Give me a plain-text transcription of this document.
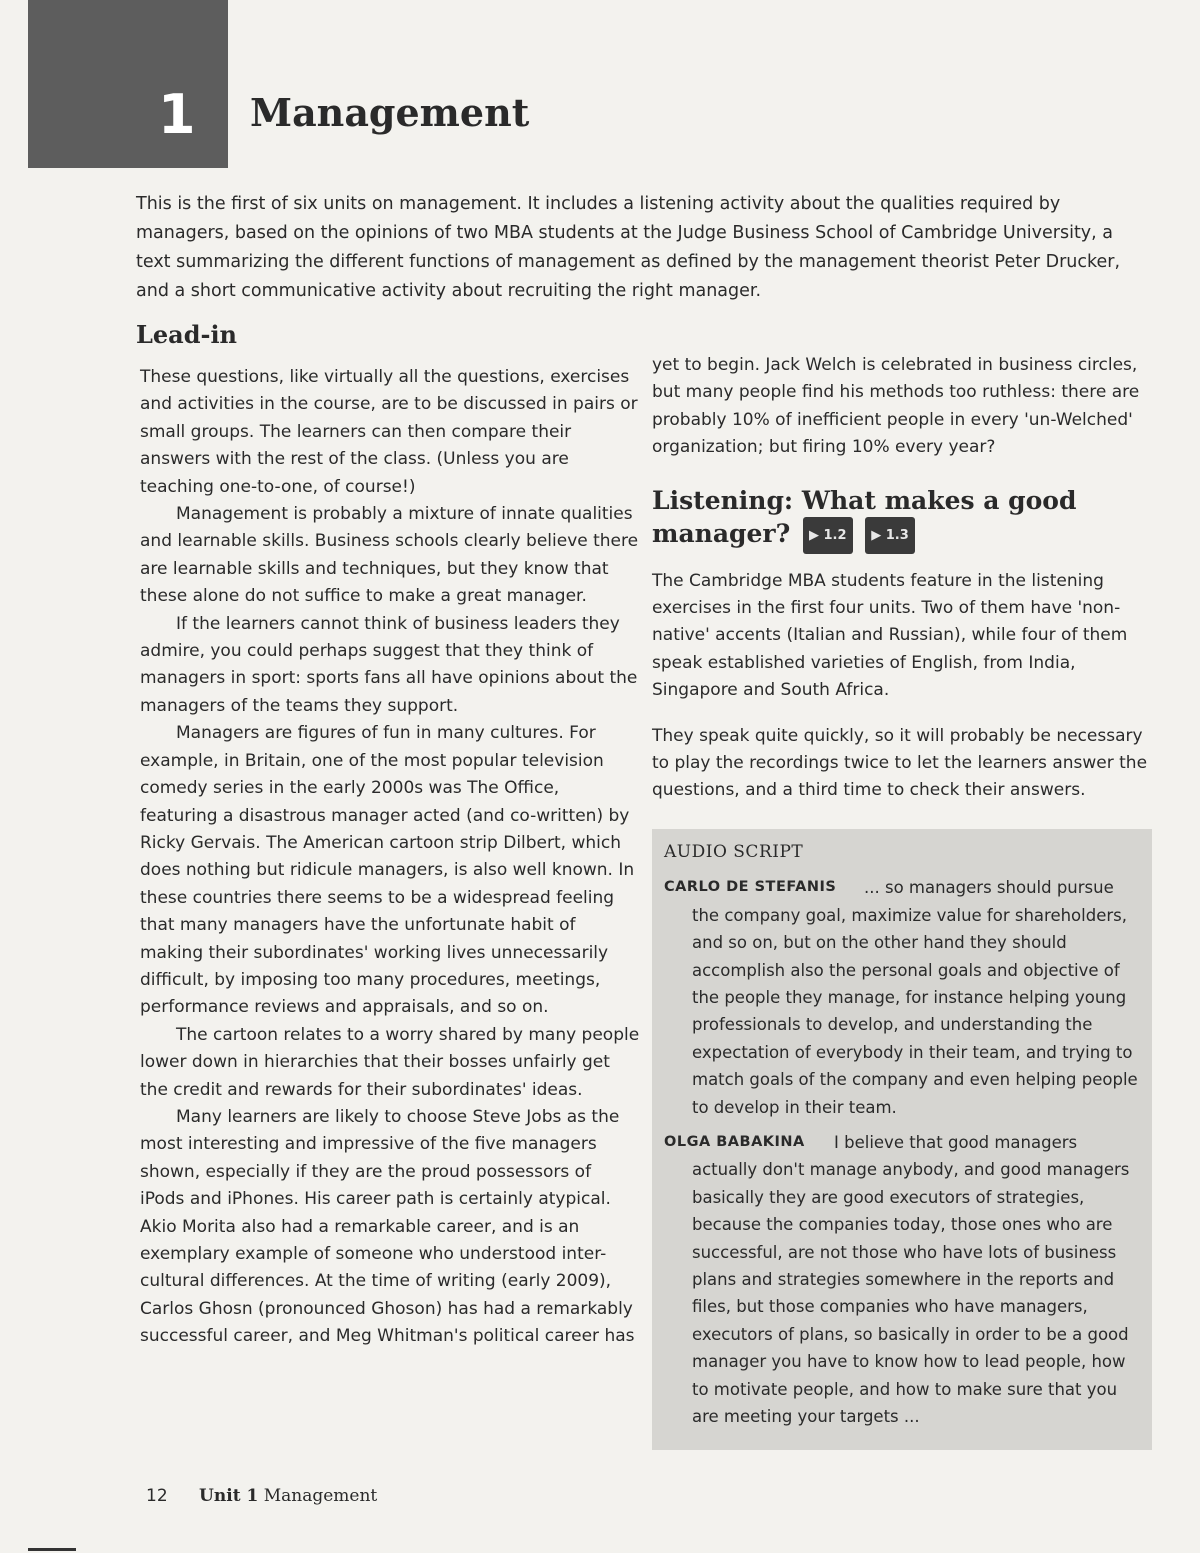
1 Management

This is the first of six units on management. It includes a listening activity about the qualities required by managers, based on the opinions of two MBA students at the Judge Business School of Cambridge University, a text summarizing the different functions of management as defined by the management theorist Peter Drucker, and a short communicative activity about recruiting the right manager.

Lead-in

These questions, like virtually all the questions, exercises and activities in the course, are to be discussed in pairs or small groups. The learners can then compare their answers with the rest of the class. (Unless you are teaching one-to-one, of course!)

Management is probably a mixture of innate qualities and learnable skills. Business schools clearly believe there are learnable skills and techniques, but they know that these alone do not suffice to make a great manager.

If the learners cannot think of business leaders they admire, you could perhaps suggest that they think of managers in sport: sports fans all have opinions about the managers of the teams they support.

Managers are figures of fun in many cultures. For example, in Britain, one of the most popular television comedy series in the early 2000s was The Office, featuring a disastrous manager acted (and co-written) by Ricky Gervais. The American cartoon strip Dilbert, which does nothing but ridicule managers, is also well known. In these countries there seems to be a widespread feeling that many managers have the unfortunate habit of making their subordinates' working lives unnecessarily difficult, by imposing too many procedures, meetings, performance reviews and appraisals, and so on.

The cartoon relates to a worry shared by many people lower down in hierarchies that their bosses unfairly get the credit and rewards for their subordinates' ideas.

Many learners are likely to choose Steve Jobs as the most interesting and impressive of the five managers shown, especially if they are the proud possessors of iPods and iPhones. His career path is certainly atypical. Akio Morita also had a remarkable career, and is an exemplary example of someone who understood inter-cultural differences. At the time of writing (early 2009), Carlos Ghosn (pronounced Ghoson) has had a remarkably successful career, and Meg Whitman's political career has

yet to begin. Jack Welch is celebrated in business circles, but many people find his methods too ruthless: there are probably 10% of inefficient people in every 'un-Welched' organization; but firing 10% every year?

Listening: What makes a good manager? ▶ 1.2 ▶ 1.3

The Cambridge MBA students feature in the listening exercises in the first four units. Two of them have 'non-native' accents (Italian and Russian), while four of them speak established varieties of English, from India, Singapore and South Africa.

They speak quite quickly, so it will probably be necessary to play the recordings twice to let the learners answer the questions, and a third time to check their answers.

AUDIO SCRIPT
CARLO DE STEFANIS	... so managers should pursue the company goal, maximize value for shareholders, and so on, but on the other hand they should accomplish also the personal goals and objective of the people they manage, for instance helping young professionals to develop, and understanding the expectation of everybody in their team, and trying to match goals of the company and even helping people to develop in their team.
OLGA BABAKINA	I believe that good managers actually don't manage anybody, and good managers basically they are good executors of strategies, because the companies today, those ones who are successful, are not those who have lots of business plans and strategies somewhere in the reports and files, but those companies who have managers, executors of plans, so basically in order to be a good manager you have to know how to lead people, how to motivate people, and how to make sure that you are meeting your targets ...
12 Unit 1 Management
